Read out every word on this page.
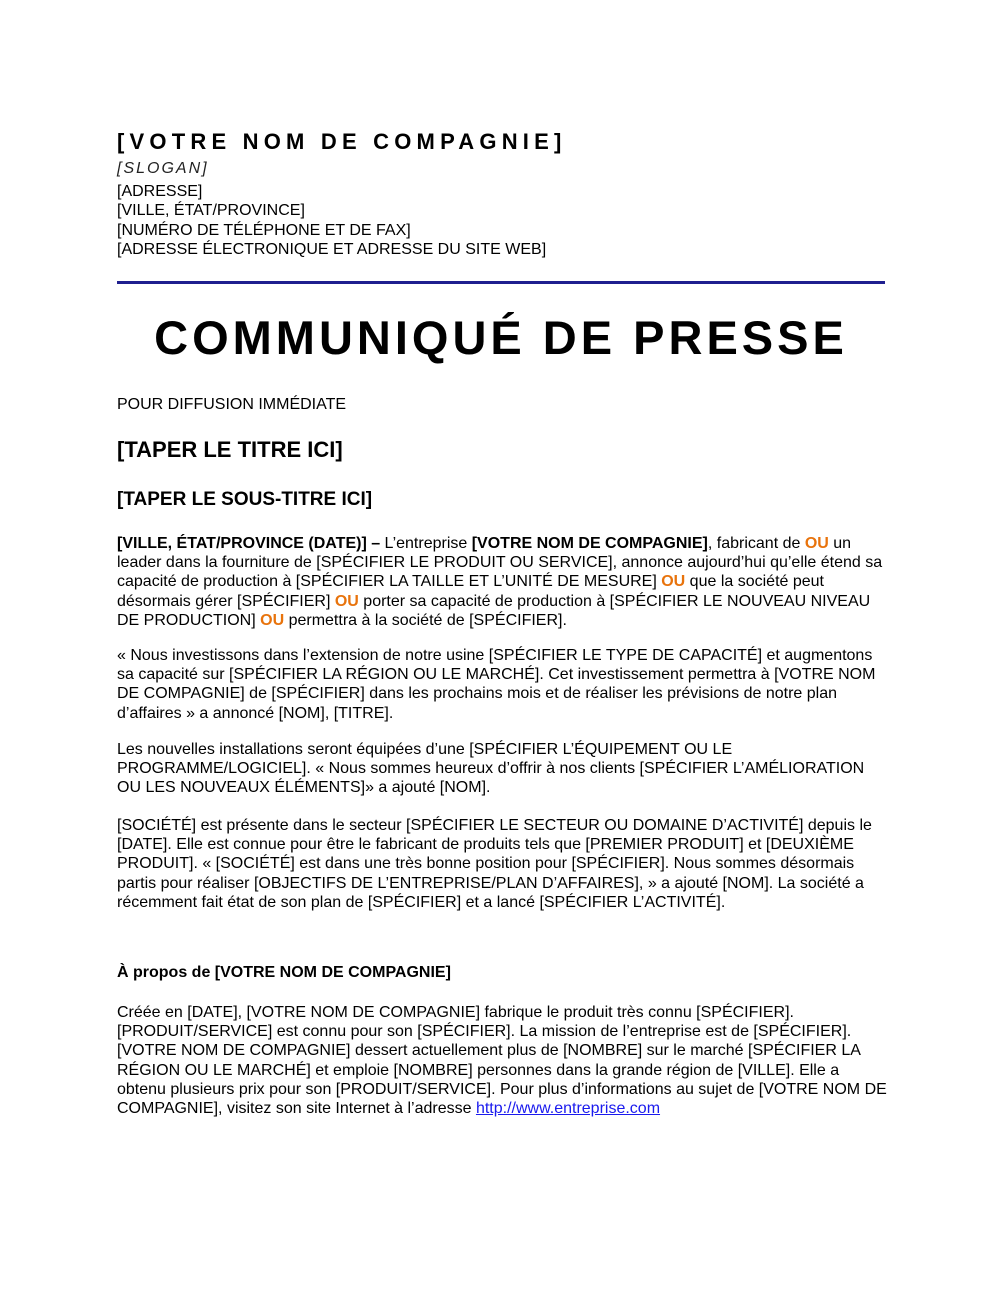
[VOTRE NOM DE COMPAGNIE]
[SLOGAN]
[ADRESSE]
[VILLE, ÉTAT/PROVINCE]
[NUMÉRO DE TÉLÉPHONE ET DE FAX]
[ADRESSE ÉLECTRONIQUE ET ADRESSE DU SITE WEB]
COMMUNIQUÉ DE PRESSE
POUR DIFFUSION IMMÉDIATE
[TAPER LE TITRE ICI]
[TAPER LE SOUS-TITRE ICI]
[VILLE, ÉTAT/PROVINCE (DATE)] – L’entreprise [VOTRE NOM DE COMPAGNIE], fabricant de OU un leader dans la fourniture de [SPÉCIFIER LE PRODUIT OU SERVICE], annonce aujourd’hui qu’elle étend sa capacité de production à [SPÉCIFIER LA TAILLE ET L’UNITÉ DE MESURE] OU que la société peut désormais gérer [SPÉCIFIER] OU porter sa capacité de production à [SPÉCIFIER LE NOUVEAU NIVEAU DE PRODUCTION] OU permettra à la société de [SPÉCIFIER].
« Nous investissons dans l’extension de notre usine [SPÉCIFIER LE TYPE DE CAPACITÉ] et augmentons sa capacité sur [SPÉCIFIER LA RÉGION OU LE MARCHÉ]. Cet investissement permettra à [VOTRE NOM DE COMPAGNIE] de [SPÉCIFIER] dans les prochains mois et de réaliser les prévisions de notre plan d’affaires » a annoncé [NOM], [TITRE].
Les nouvelles installations seront équipées d’une [SPÉCIFIER L’ÉQUIPEMENT OU LE PROGRAMME/LOGICIEL]. « Nous sommes heureux d’offrir à nos clients [SPÉCIFIER L’AMÉLIORATION OU LES NOUVEAUX ÉLÉMENTS]» a ajouté [NOM].
[SOCIÉTÉ] est présente dans le secteur [SPÉCIFIER LE SECTEUR OU DOMAINE D’ACTIVITÉ] depuis le [DATE]. Elle est connue pour être le fabricant de produits tels que [PREMIER PRODUIT] et [DEUXIÈME PRODUIT]. « [SOCIÉTÉ] est dans une très bonne position pour [SPÉCIFIER]. Nous sommes désormais partis pour réaliser [OBJECTIFS DE L’ENTREPRISE/PLAN D’AFFAIRES], » a ajouté [NOM]. La société a récemment fait état de son plan de [SPÉCIFIER] et a lancé [SPÉCIFIER L’ACTIVITÉ].
À propos de [VOTRE NOM DE COMPAGNIE]
Créée en [DATE], [VOTRE NOM DE COMPAGNIE] fabrique le produit très connu [SPÉCIFIER]. [PRODUIT/SERVICE] est connu pour son [SPÉCIFIER]. La mission de l’entreprise est de [SPÉCIFIER]. [VOTRE NOM DE COMPAGNIE] dessert actuellement plus de [NOMBRE] sur le marché [SPÉCIFIER LA RÉGION OU LE MARCHÉ] et emploie [NOMBRE] personnes dans la grande région de [VILLE]. Elle a obtenu plusieurs prix pour son [PRODUIT/SERVICE]. Pour plus d’informations au sujet de [VOTRE NOM DE COMPAGNIE], visitez son site Internet à l’adresse http://www.entreprise.com
